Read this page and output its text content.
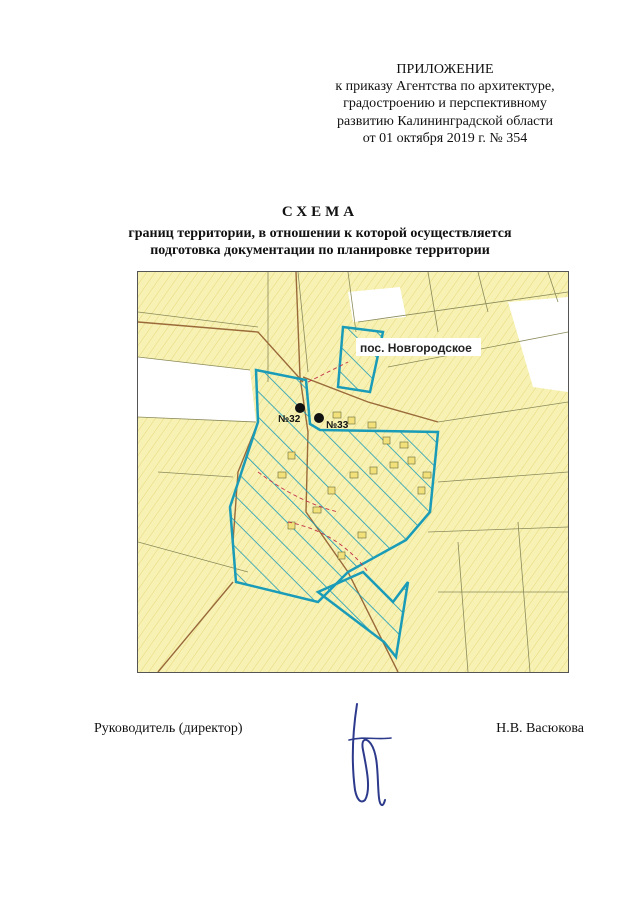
ПРИЛОЖЕНИЕ
к приказу Агентства по архитектуре,
градостроению и перспективному
развитию Калининградской области
от 01 октября 2019 г. № 354
СХЕМА
границ территории, в отношении к которой осуществляется
подготовка документации по планировке территории
пос. Новгородское
№32
№33
Руководитель (директор)	Н.В. Васюкова
